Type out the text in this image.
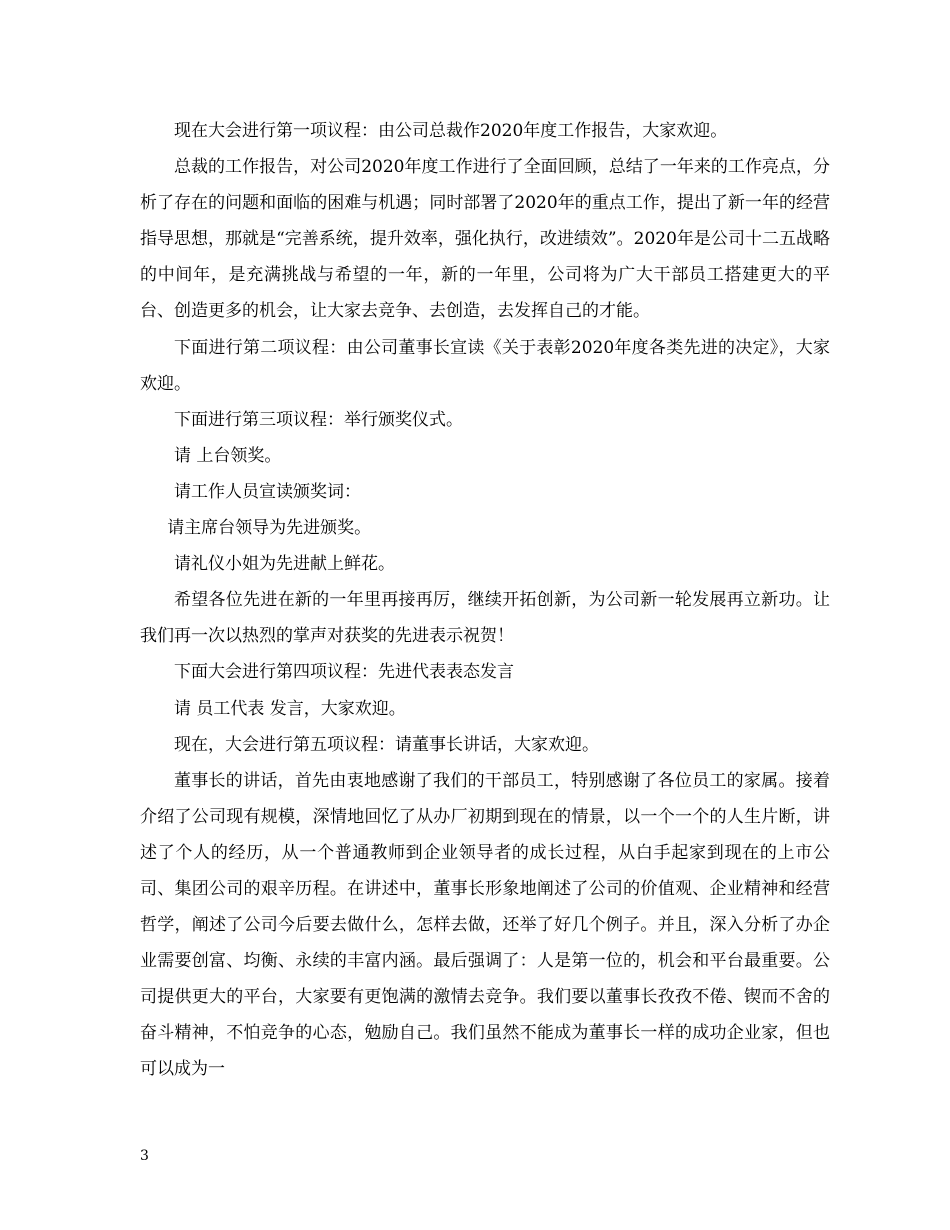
现在大会进行第一项议程：由公司总裁作2020年度工作报告，大家欢迎。

总裁的工作报告，对公司2020年度工作进行了全面回顾，总结了一年来的工作亮点，分析了存在的问题和面临的困难与机遇；同时部署了2020年的重点工作，提出了新一年的经营指导思想，那就是“完善系统，提升效率，强化执行，改进绩效”。2020年是公司十二五战略的中间年，是充满挑战与希望的一年，新的一年里，公司将为广大干部员工搭建更大的平台、创造更多的机会，让大家去竞争、去创造，去发挥自己的才能。

下面进行第二项议程：由公司董事长宣读《关于表彰2020年度各类先进的决定》，大家欢迎。

下面进行第三项议程：举行颁奖仪式。

请 上台领奖。

请工作人员宣读颁奖词：

请主席台领导为先进颁奖。

请礼仪小姐为先进献上鲜花。

希望各位先进在新的一年里再接再厉，继续开拓创新，为公司新一轮发展再立新功。让我们再一次以热烈的掌声对获奖的先进表示祝贺！

下面大会进行第四项议程：先进代表表态发言

请 员工代表 发言，大家欢迎。

现在，大会进行第五项议程：请董事长讲话，大家欢迎。

董事长的讲话，首先由衷地感谢了我们的干部员工，特别感谢了各位员工的家属。接着介绍了公司现有规模，深情地回忆了从办厂初期到现在的情景，以一个一个的人生片断，讲述了个人的经历，从一个普通教师到企业领导者的成长过程，从白手起家到现在的上市公司、集团公司的艰辛历程。在讲述中，董事长形象地阐述了公司的价值观、企业精神和经营哲学，阐述了公司今后要去做什么，怎样去做，还举了好几个例子。并且，深入分析了办企业需要创富、均衡、永续的丰富内涵。最后强调了：人是第一位的，机会和平台最重要。公司提供更大的平台，大家要有更饱满的激情去竞争。我们要以董事长孜孜不倦、锲而不舍的奋斗精神，不怕竞争的心态，勉励自己。我们虽然不能成为董事长一样的成功企业家，但也可以成为一

3
